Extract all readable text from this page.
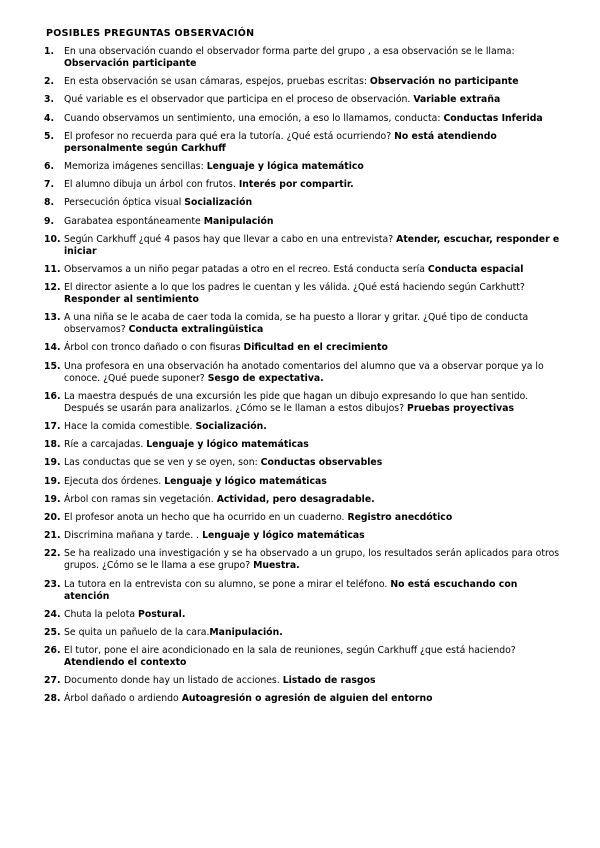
POSIBLES PREGUNTAS OBSERVACIÓN
1.	En una observación cuando el observador forma parte del grupo , a esa observación se le llama: Observación participante
2.	En esta observación se usan cámaras, espejos, pruebas escritas: Observación no participante
3.	Qué variable es el observador que participa en el proceso de observación. Variable extraña
4.	Cuando observamos un sentimiento, una emoción, a eso lo llamamos, conducta: Conductas Inferida
5.	El profesor no recuerda para qué era la tutoría. ¿Qué está ocurriendo? No está atendiendo personalmente según Carkhuff
6.	Memoriza imágenes sencillas: Lenguaje y lógica matemático
7.	El alumno dibuja un árbol con frutos. Interés por compartir.
8.	Persecución óptica visual Socialización
9.	Garabatea espontáneamente Manipulación
10. Según Carkhuff ¿qué 4 pasos hay que llevar a cabo en una entrevista? Atender, escuchar, responder e iniciar
11. Observamos a un niño pegar patadas a otro en el recreo. Está conducta sería Conducta espacial
12. El director asiente a lo que los padres le cuentan y les válida. ¿Qué está haciendo según Carkhutt? Responder al sentimiento
13. A una niña se le acaba de caer toda la comida, se ha puesto a llorar y gritar. ¿Qué tipo de conducta observamos? Conducta extralingüistica
14. Árbol con tronco dañado o con fisuras Dificultad en el crecimiento
15. Una profesora en una observación ha anotado comentarios del alumno que va a observar porque ya lo conoce. ¿Qué puede suponer? Sesgo de expectativa.
16. La maestra después de una excursión les pide que hagan un dibujo expresando lo que han sentido. Después se usarán para analizarlos. ¿Cómo se le llaman a estos dibujos? Pruebas proyectivas
17. Hace la comida comestible. Socialización.
18. Ríe a carcajadas. Lenguaje y lógico matemáticas
19. Las conductas que se ven y se oyen, son: Conductas observables
19. Ejecuta dos órdenes. Lenguaje y lógico matemáticas
19. Árbol con ramas sin vegetación. Actividad, pero desagradable.
20. El profesor anota un hecho que ha ocurrido en un cuaderno. Registro anecdótico
21. Discrimina mañana y tarde. . Lenguaje y lógico matemáticas
22. Se ha realizado una investigación y se ha observado a un grupo, los resultados serán aplicados para otros grupos. ¿Cómo se le llama a ese grupo? Muestra.
23. La tutora en la entrevista con su alumno, se pone a mirar el teléfono. No está escuchando con atención
24. Chuta la pelota Postural.
25. Se quita un pañuelo de la cara.Manipulación.
26. El tutor, pone el aire acondicionado en la sala de reuniones, según Carkhuff ¿que está haciendo? Atendiendo el contexto
27. Documento donde hay un listado de acciones. Listado de rasgos
28. Árbol dañado o ardiendo Autoagresión o agresión de alguien del entorno
